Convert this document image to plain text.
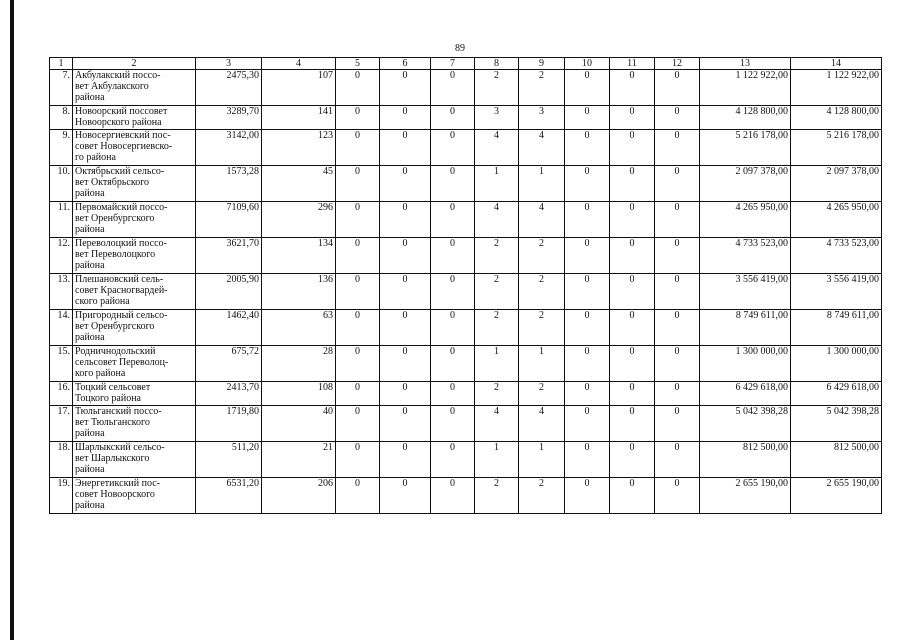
89
1	2	3	4	5	6	7	8	9	10	11	12	13	14
7.	Акбулакский поссо-
вет Акбулакского
района	2475,30	107	0	0	0	2	2	0	0	0	1 122 922,00	1 122 922,00
8.	Новоорский поссовет
Новоорского района	3289,70	141	0	0	0	3	3	0	0	0	4 128 800,00	4 128 800,00
9.	Новосергиевский пос-
совет Новосергиевско-
го района	3142,00	123	0	0	0	4	4	0	0	0	5 216 178,00	5 216 178,00
10.	Октябрьский сельсо-
вет Октябрьского
района	1573,28	45	0	0	0	1	1	0	0	0	2 097 378,00	2 097 378,00
11.	Первомайский поссо-
вет Оренбургского
района	7109,60	296	0	0	0	4	4	0	0	0	4 265 950,00	4 265 950,00
12.	Переволоцкий поссо-
вет Переволоцкого
района	3621,70	134	0	0	0	2	2	0	0	0	4 733 523,00	4 733 523,00
13.	Плешановский сель-
совет Красногвардей-
ского района	2005,90	136	0	0	0	2	2	0	0	0	3 556 419,00	3 556 419,00
14.	Пригородный сельсо-
вет Оренбургского
района	1462,40	63	0	0	0	2	2	0	0	0	8 749 611,00	8 749 611,00
15.	Родничнодольский
сельсовет Переволоц-
кого района	675,72	28	0	0	0	1	1	0	0	0	1 300 000,00	1 300 000,00
16.	Тоцкий сельсовет
Тоцкого района	2413,70	108	0	0	0	2	2	0	0	0	6 429 618,00	6 429 618,00
17.	Тюльганский поссо-
вет Тюльганского
района	1719,80	40	0	0	0	4	4	0	0	0	5 042 398,28	5 042 398,28
18.	Шарлыкский сельсо-
вет Шарлыкского
района	511,20	21	0	0	0	1	1	0	0	0	812 500,00	812 500,00
19.	Энергетикский пос-
совет Новоорского
района	6531,20	206	0	0	0	2	2	0	0	0	2 655 190,00	2 655 190,00
